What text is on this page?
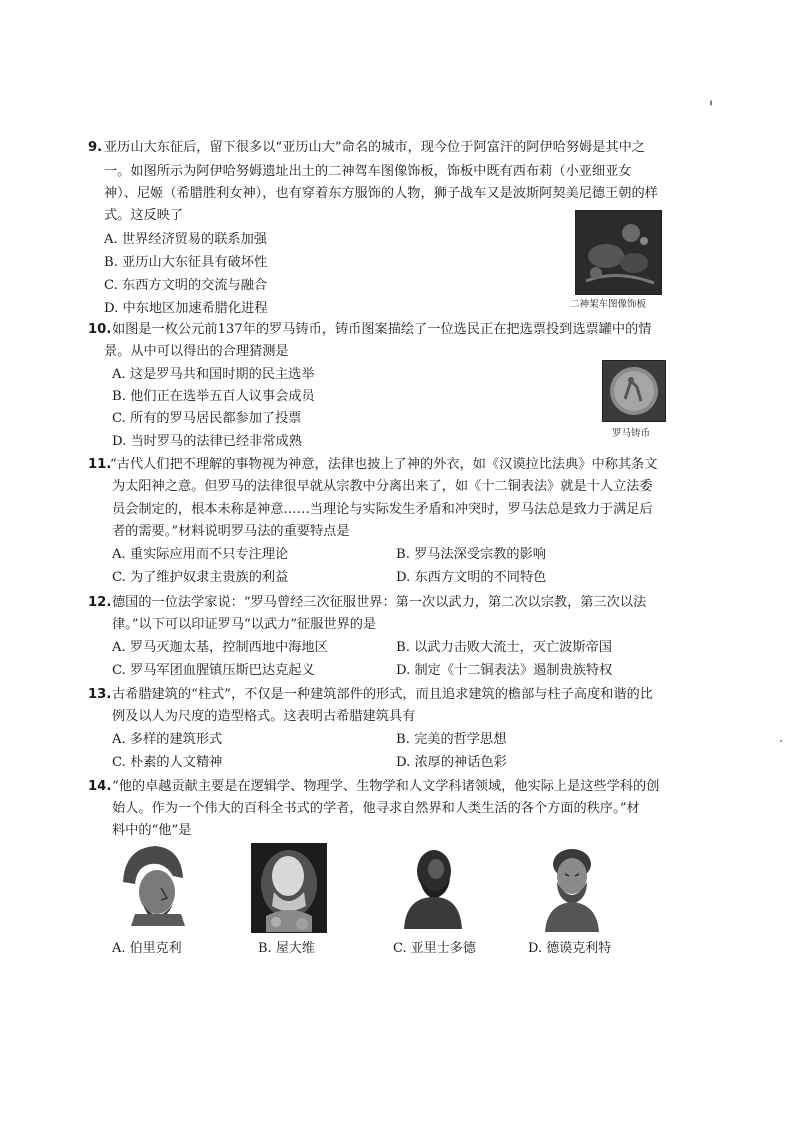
9. 亚历山大东征后，留下很多以“亚历山大”命名的城市，现今位于阿富汗的阿伊哈努姆是其中之
一。如图所示为阿伊哈努姆遗址出土的二神驾车图像饰板，饰板中既有西布莉（小亚细亚女
神）、尼姬（希腊胜利女神），也有穿着东方服饰的人物，狮子战车又是波斯阿契美尼德王朝的样
式。这反映了
A. 世界经济贸易的联系加强
B. 亚历山大东征具有破坏性
C. 东西方文明的交流与融合
D. 中东地区加速希腊化进程	二神架车图像饰板
10. 如图是一枚公元前137年的罗马铸币，铸币图案描绘了一位选民正在把选票投到选票罐中的情
景。从中可以得出的合理猜测是
A. 这是罗马共和国时期的民主选举
B. 他们正在选举五百人议事会成员
C. 所有的罗马居民都参加了投票
D. 当时罗马的法律已经非常成熟
罗马铸币
11.
“古代人们把不理解的事物视为神意，法律也披上了神的外衣，如《汉谟拉比法典》中称其条文
为太阳神之意。但罗马的法律很早就从宗教中分离出来了，如《十二铜表法》就是十人立法委
员会制定的，根本未称是神意……当理论与实际发生矛盾和冲突时，罗马法总是致力于满足后
者的需要。”材料说明罗马法的重要特点是
A. 重实际应用而不只专注理论	B. 罗马法深受宗教的影响
C. 为了维护奴隶主贵族的利益	D. 东西方文明的不同特色
12. 德国的一位法学家说：“罗马曾经三次征服世界：第一次以武力，第二次以宗教，第三次以法
律。”以下可以印证罗马“以武力”征服世界的是
A. 罗马灭迦太基，控制西地中海地区	B. 以武力击败大流士，灭亡波斯帝国
C. 罗马军团血腥镇压斯巴达克起义	D. 制定《十二铜表法》遏制贵族特权
13. 古希腊建筑的“柱式”，不仅是一种建筑部件的形式，而且追求建筑的檐部与柱子高度和谐的比
例及以人为尺度的造型格式。这表明古希腊建筑具有
A. 多样的建筑形式	B. 完美的哲学思想
C. 朴素的人文精神	D. 浓厚的神话色彩
14. “他的卓越贡献主要是在逻辑学、物理学、生物学和人文学科诸领域，他实际上是这些学科的创
始人。作为一个伟大的百科全书式的学者，他寻求自然界和人类生活的各个方面的秩序。”材
料中的“他”是
A. 伯里克利	B. 屋大维	C. 亚里士多德	D. 德谟克利特
